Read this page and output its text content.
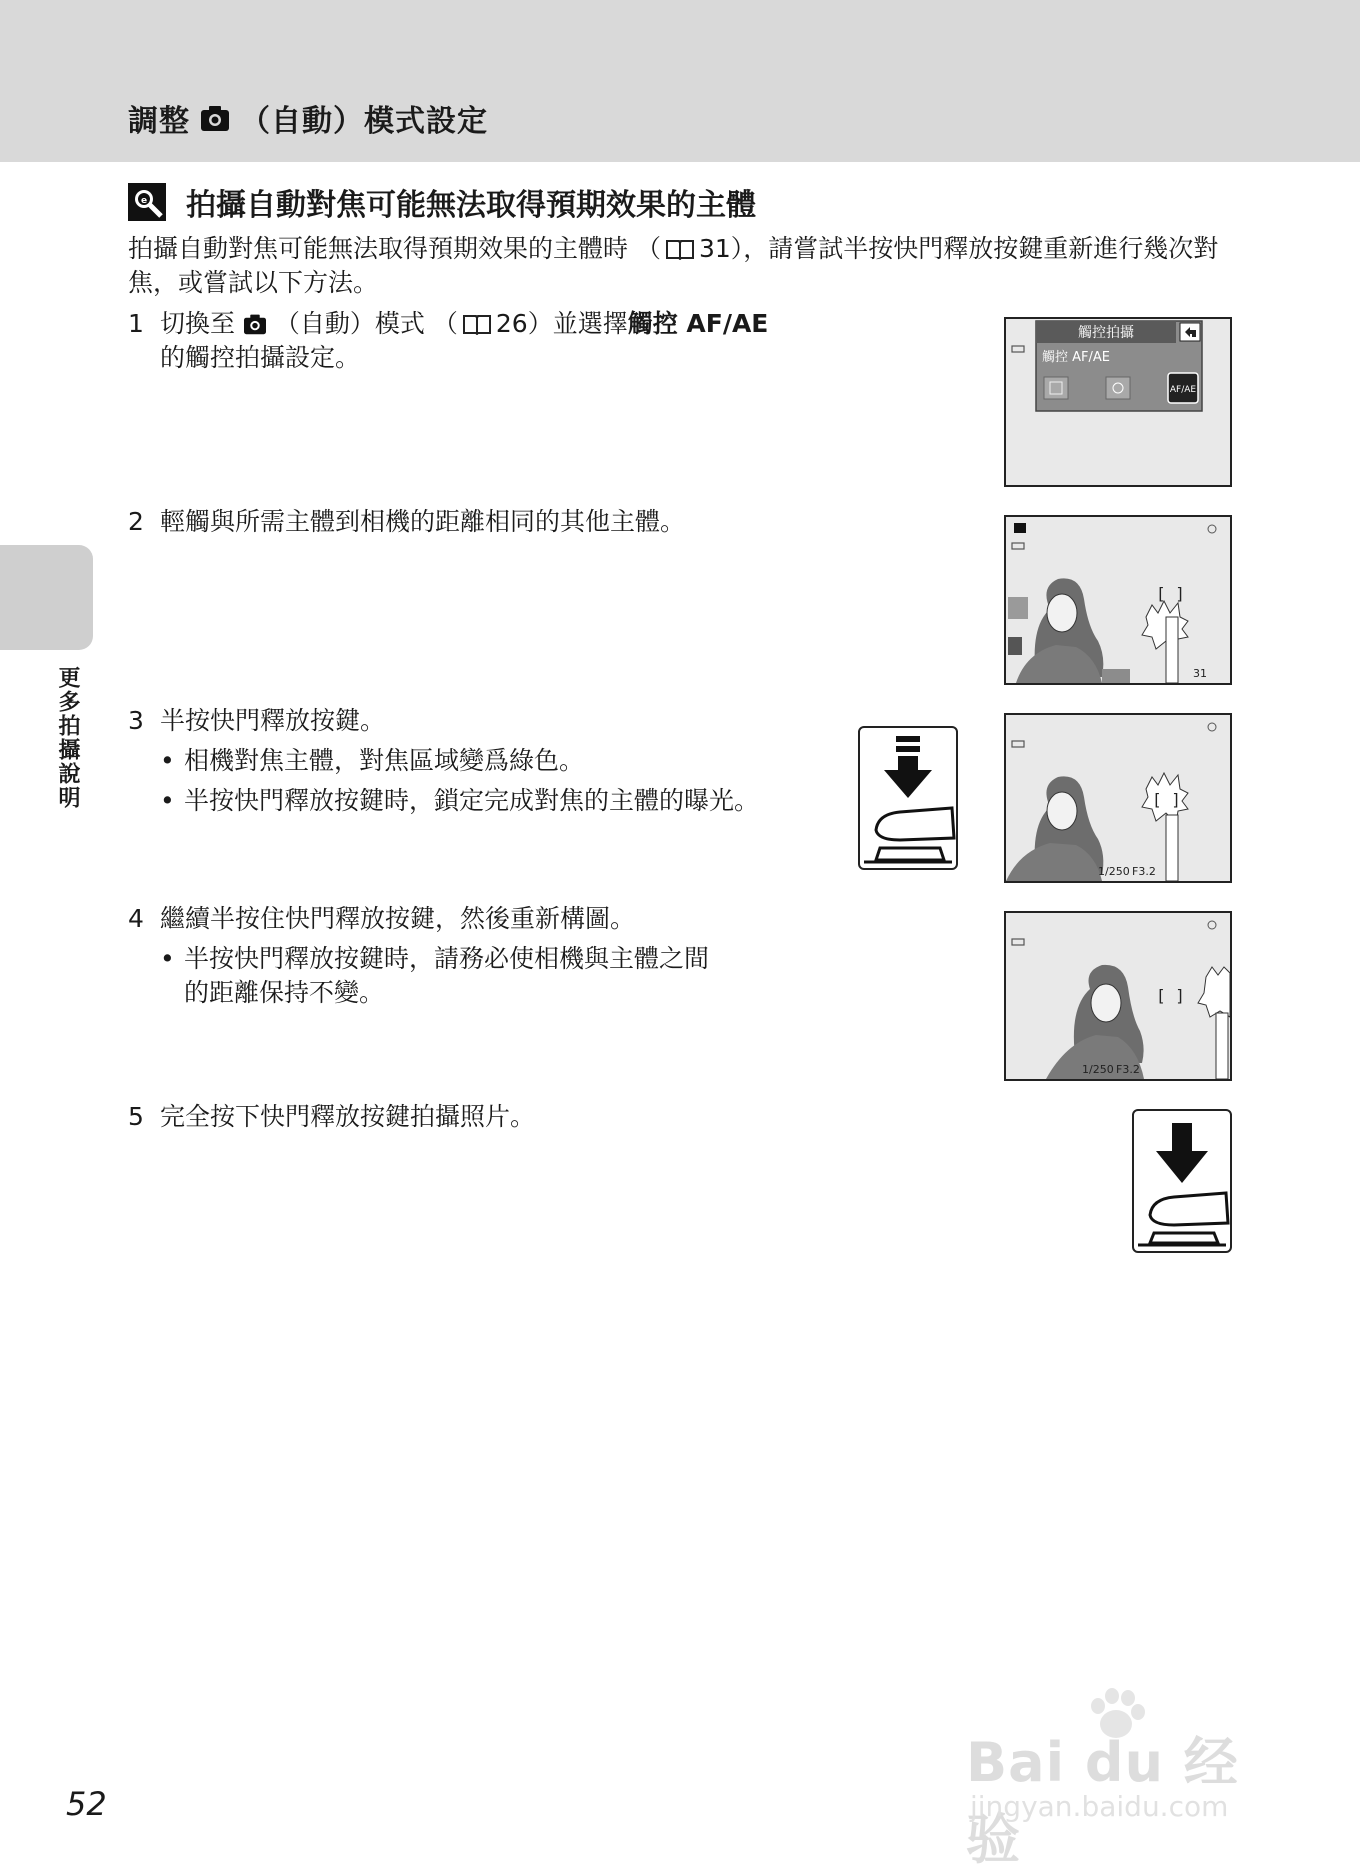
調整 （自動）模式設定
更多拍攝說明
e 拍攝自動對焦可能無法取得預期效果的主體
拍攝自動對焦可能無法取得預期效果的主體時 （ 31），請嘗試半按快門釋放按鍵重新進行幾次對焦，或嘗試以下方法。
1 切換至 （自動）模式 （ 26）並選擇觸控 AF/AE
的觸控拍攝設定。
2 輕觸與所需主體到相機的距離相同的其他主體。
3 半按快門釋放按鍵。
• 相機對焦主體，對焦區域變爲綠色。
• 半按快門釋放按鍵時，鎖定完成對焦的主體的曝光。
4 繼續半按住快門釋放按鍵，然後重新構圖。
• 半按快門釋放按鍵時，請務必使相機與主體之間的距離保持不變。
5 完全按下快門釋放按鍵拍攝照片。
觸控拍攝
觸控 AF/AE
AF/AE
[ ]
31
[ ]
1/250 F3.2
[ ]
1/250 F3.2
52
Bai du 经验
jingyan.baidu.com
